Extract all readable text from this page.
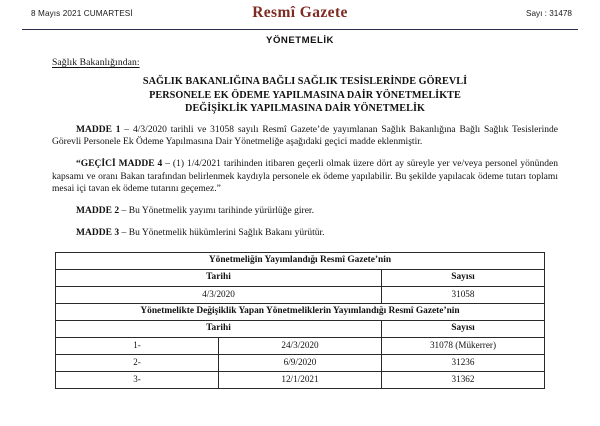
8 Mayıs 2021 CUMARTESİ	Resmî Gazete	Sayı : 31478
YÖNETMELİK
Sağlık Bakanlığından:
SAĞLIK BAKANLIĞINA BAĞLI SAĞLIK TESİSLERİNDE GÖREVLİ
PERSONELE EK ÖDEME YAPILMASINA DAİR YÖNETMELİKTE
DEĞİŞİKLİK YAPILMASINA DAİR YÖNETMELİK

MADDE 1 – 4/3/2020 tarihli ve 31058 sayılı Resmî Gazete’de yayımlanan Sağlık Bakanlığına Bağlı Sağlık Tesislerinde Görevli Personele Ek Ödeme Yapılmasına Dair Yönetmeliğe aşağıdaki geçici madde eklenmiştir.

“GEÇİCİ MADDE 4 – (1) 1/4/2021 tarihinden itibaren geçerli olmak üzere dört ay süreyle yer ve/veya personel yönünden kapsamı ve oranı Bakan tarafından belirlenmek kaydıyla personele ek ödeme yapılabilir. Bu şekilde yapılacak ödeme tutarı toplamı mesai içi tavan ek ödeme tutarını geçemez.”

MADDE 2 – Bu Yönetmelik yayımı tarihinde yürürlüğe girer.

MADDE 3 – Bu Yönetmelik hükümlerini Sağlık Bakanı yürütür.

Yönetmeliğin Yayımlandığı Resmî Gazete’nin		
Tarihi		Sayısı
4/3/2020		31058
Yönetmelikte Değişiklik Yapan Yönetmeliklerin Yayımlandığı Resmî Gazete’nin		
Tarihi		Sayısı
1-	24/3/2020	31078 (Mükerrer)
2-	6/9/2020	31236
3-	12/1/2021	31362
